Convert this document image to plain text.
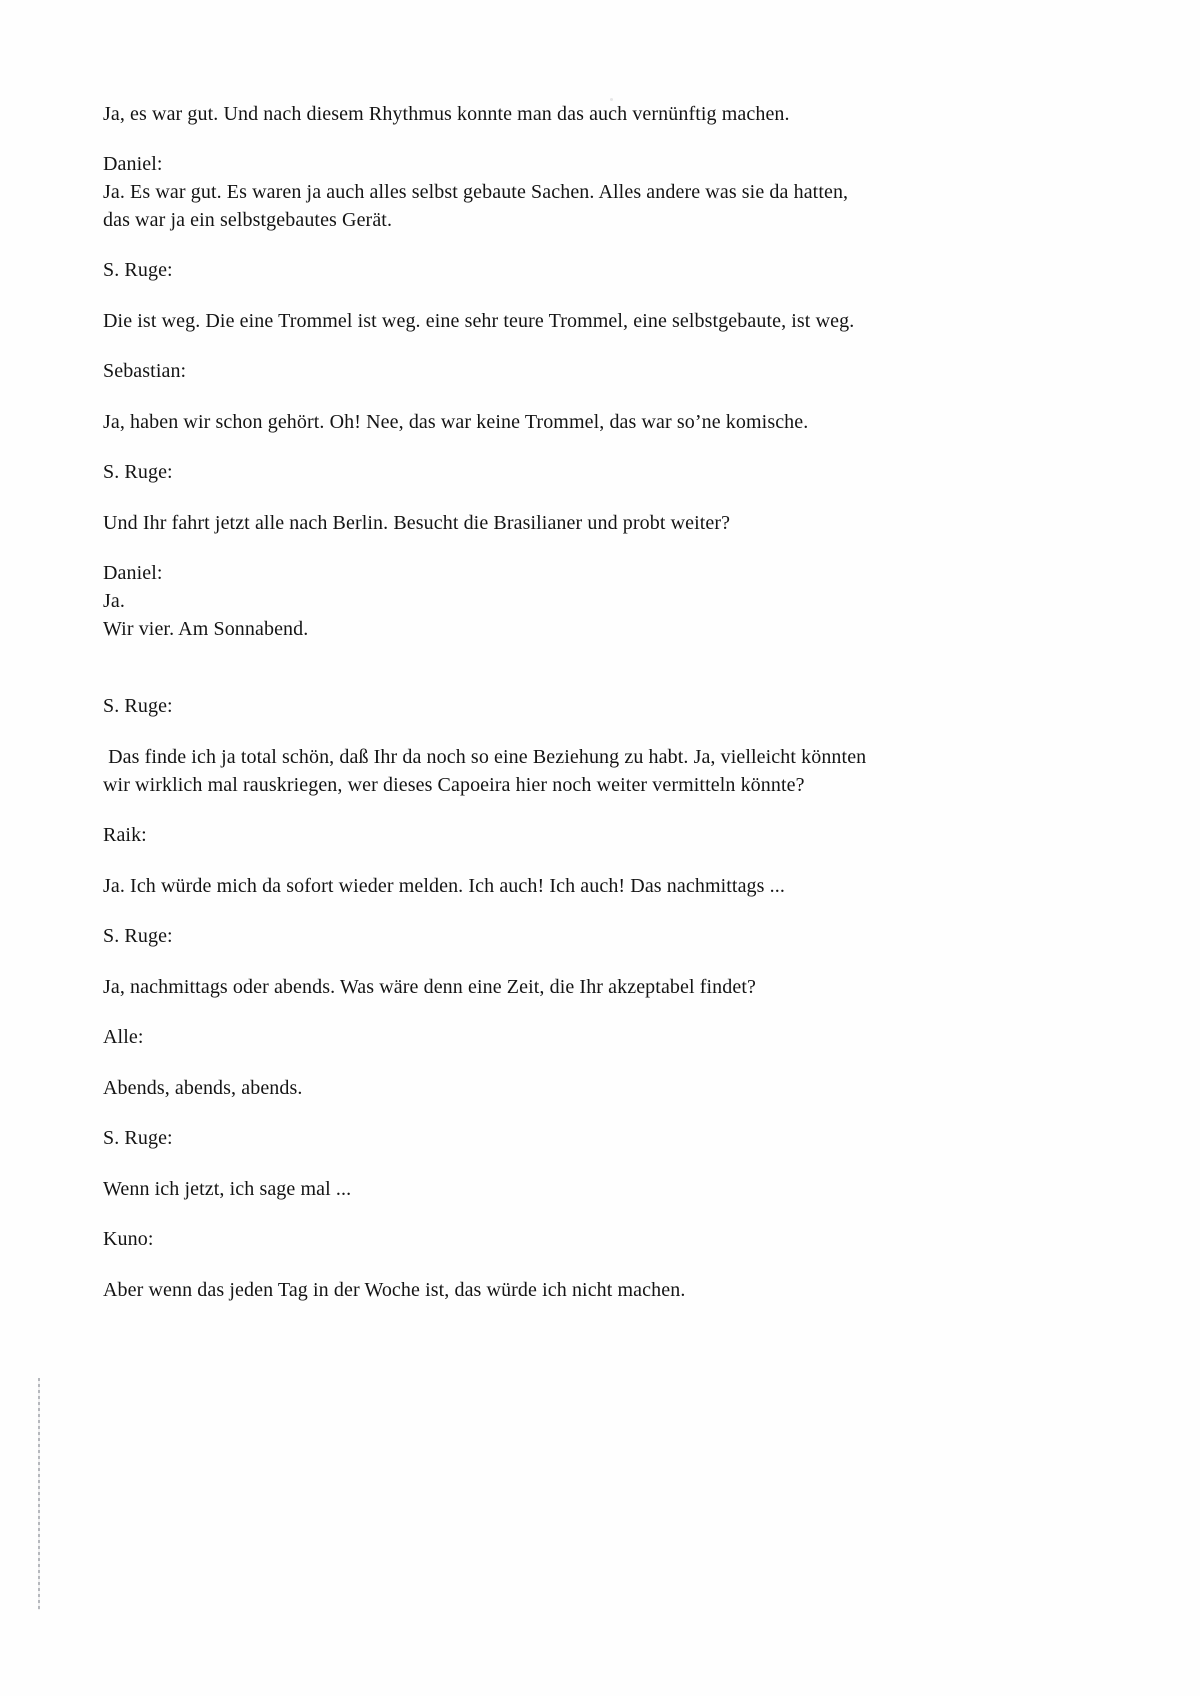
Ja, es war gut. Und nach diesem Rhythmus konnte man das auch vernünftig machen.

Daniel:

Ja. Es war gut. Es waren ja auch alles selbst gebaute Sachen. Alles andere was sie da hatten,

das war ja ein selbstgebautes Gerät.

S. Ruge:

Die ist weg. Die eine Trommel ist weg. eine sehr teure Trommel, eine selbstgebaute, ist weg.

Sebastian:

Ja, haben wir schon gehört. Oh! Nee, das war keine Trommel, das war so’ne komische.

S. Ruge:

Und Ihr fahrt jetzt alle nach Berlin. Besucht die Brasilianer und probt weiter?

Daniel:

Ja.

Wir vier. Am Sonnabend.

S. Ruge:

Das finde ich ja total schön, daß Ihr da noch so eine Beziehung zu habt. Ja, vielleicht könnten

wir wirklich mal rauskriegen, wer dieses Capoeira hier noch weiter vermitteln könnte?

Raik:

Ja. Ich würde mich da sofort wieder melden. Ich auch! Ich auch! Das nachmittags ...

S. Ruge:

Ja, nachmittags oder abends. Was wäre denn eine Zeit, die Ihr akzeptabel findet?

Alle:

Abends, abends, abends.

S. Ruge:

Wenn ich jetzt, ich sage mal ...

Kuno:

Aber wenn das jeden Tag in der Woche ist, das würde ich nicht machen.
